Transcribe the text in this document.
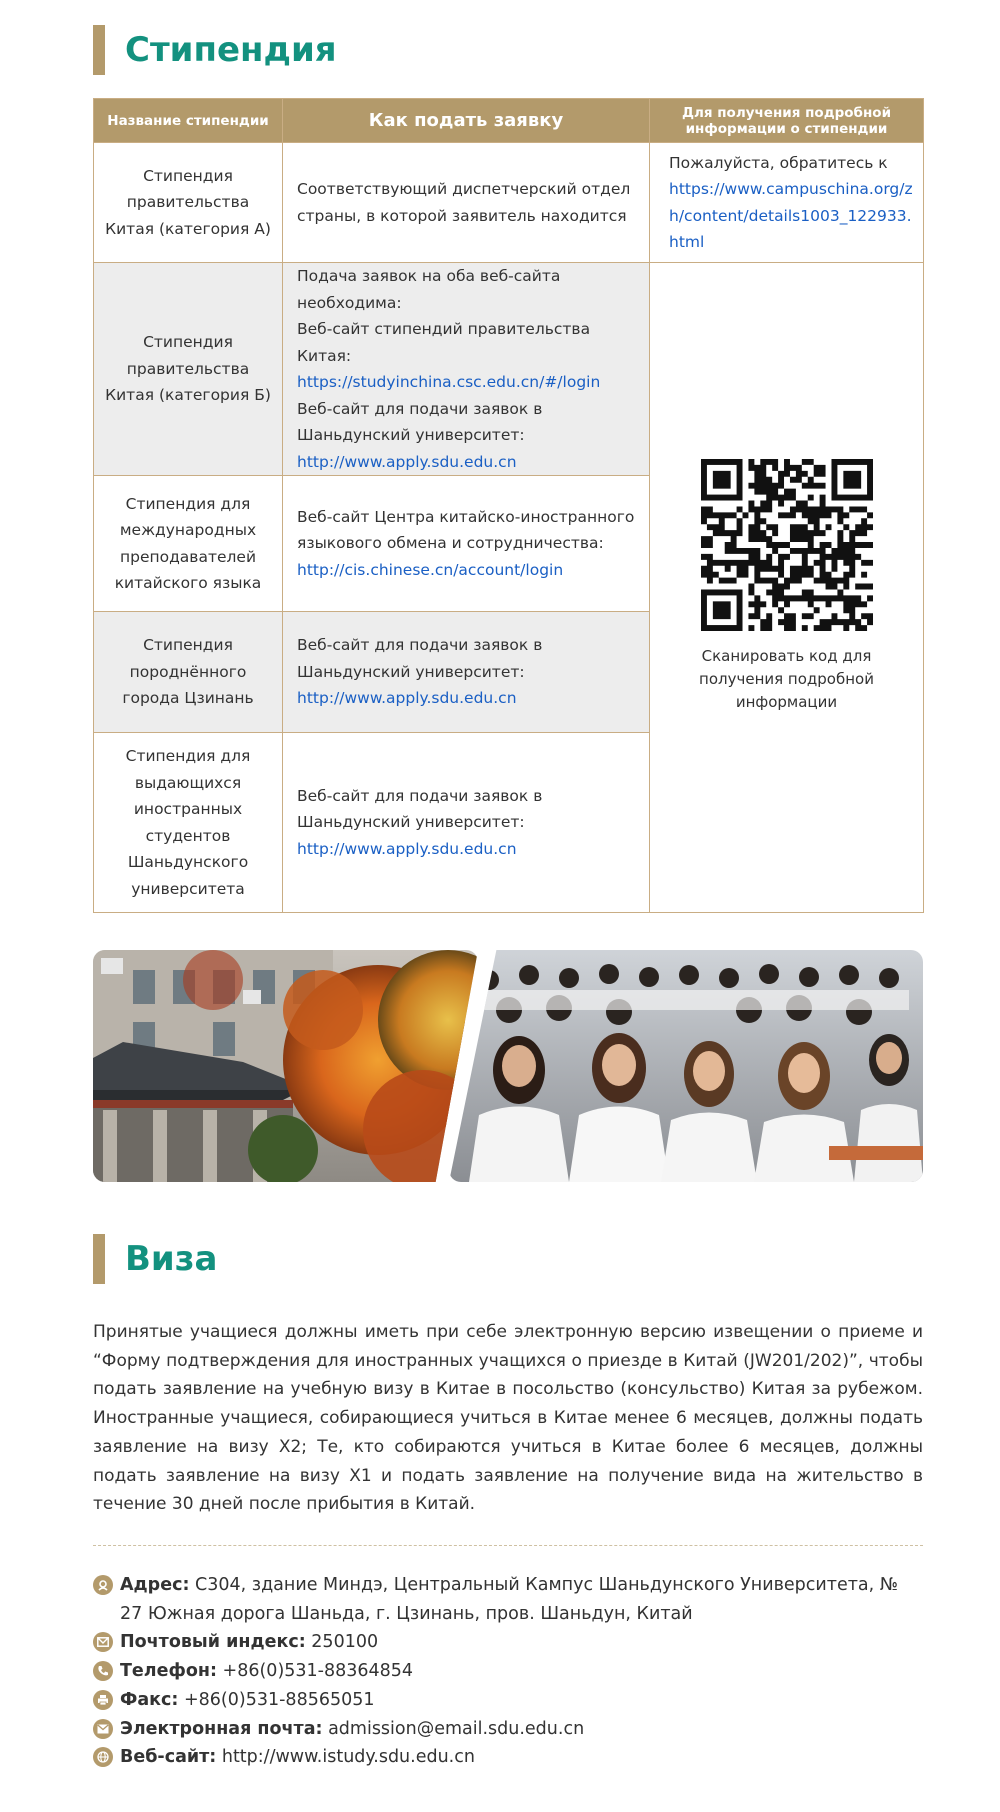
Стипендия
Название стипендии	Как подать заявку	Для получения подробной информации о стипендии
Стипендия правительства Китая (категория А)	Соответствующий диспетчерский отдел страны, в которой заявитель находится	Пожалуйста, обратитесь к
https://www.campuschina.org/zh/content/details1003_122933.html
Стипендия правительства Китая (категория Б)	Подача заявок на оба веб-сайта необходима:
Веб-сайт стипендий правительства Китая:
https://studyinchina.csc.edu.cn/#/login
Веб-сайт для подачи заявок в Шаньдунский университет:
http://www.apply.sdu.edu.cn	Сканировать код для получения подробной информации

Стипендия для международных преподавателей китайского языка	Веб-сайт Центра китайско-иностранного языкового обмена и сотрудничества:
http://cis.chinese.cn/account/login	
Стипендия породнённого города Цзинань	Веб-сайт для подачи заявок в Шаньдунский университет:
http://www.apply.sdu.edu.cn	
Стипендия для выдающихся иностранных студентов Шаньдунского университета	Веб-сайт для подачи заявок в Шаньдунский университет:
http://www.apply.sdu.edu.cn	
Виза

Принятые учащиеся должны иметь при себе электронную версию извещении о приеме и “Форму подтверждения для иностранных учащихся о приезде в Китай (JW201/202)”, чтобы подать заявление на учебную визу в Китае в посольство (консульство) Китая за рубежом. Иностранные учащиеся, собирающиеся учиться в Китае менее 6 месяцев, должны подать заявление на визу X2; Те, кто собираются учиться в Китае более 6 месяцев, должны подать заявление на визу X1 и подать заявление на получение вида на жительство в течение 30 дней после прибытия в Китай.

Адрес: C304, здание Миндэ, Центральный Кампус Шаньдунского Университета, № 27 Южная дорога Шаньда, г. Цзинань, пров. Шаньдун, Китай
Почтовый индекс: 250100
Телефон: +86(0)531-88364854
Факс: +86(0)531-88565051
Электронная почта: admission@email.sdu.edu.cn
Веб-сайт: http://www.istudy.sdu.edu.cn
